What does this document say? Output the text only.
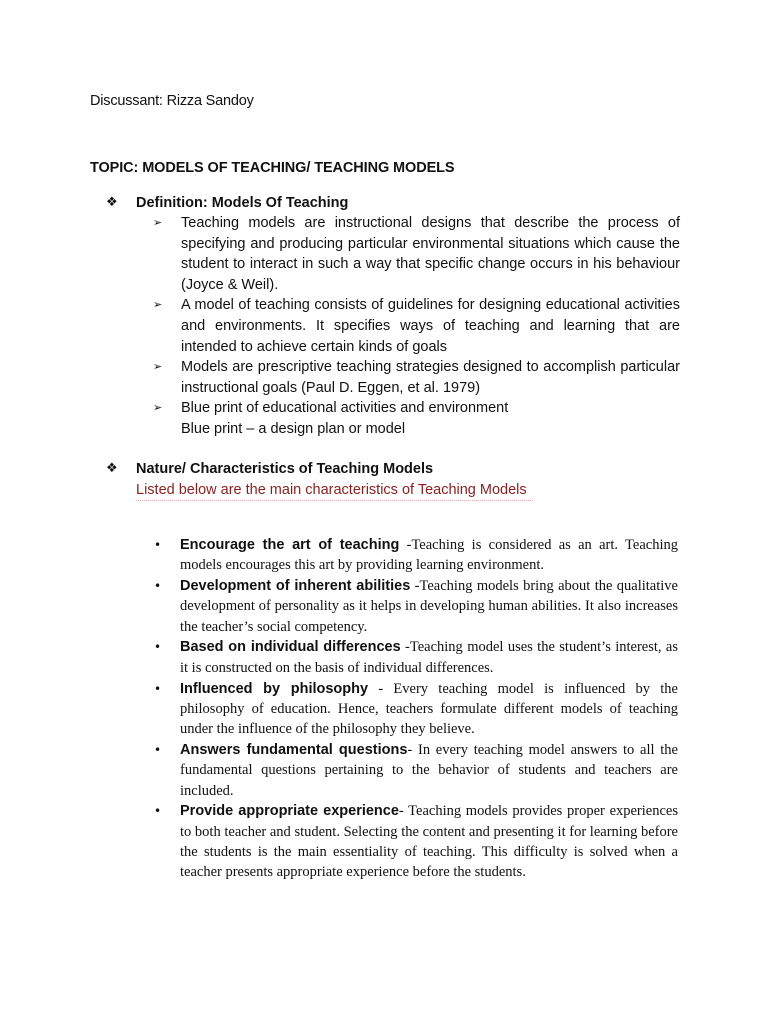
Discussant: Rizza Sandoy
TOPIC: MODELS OF TEACHING/ TEACHING MODELS
❖ Definition: Models Of Teaching
➢ Teaching models are instructional designs that describe the process of specifying and producing particular environmental situations which cause the student to interact in such a way that specific change occurs in his behaviour (Joyce & Weil).
➢ A model of teaching consists of guidelines for designing educational activities and environments. It specifies ways of teaching and learning that are intended to achieve certain kinds of goals
➢ Models are prescriptive teaching strategies designed to accomplish particular instructional goals (Paul D. Eggen, et al. 1979)
➢ Blue print of educational activities and environment
Blue print – a design plan or model
❖ Nature/ Characteristics of Teaching Models
Listed below are the main characteristics of Teaching Models
• Encourage the art of teaching -Teaching is considered as an art. Teaching models encourages this art by providing learning environment.
• Development of inherent abilities -Teaching models bring about the qualitative development of personality as it helps in developing human abilities. It also increases the teacher’s social competency.
• Based on individual differences -Teaching model uses the student’s interest, as it is constructed on the basis of individual differences.
• Influenced by philosophy - Every teaching model is influenced by the philosophy of education. Hence, teachers formulate different models of teaching under the influence of the philosophy they believe.
• Answers fundamental questions- In every teaching model answers to all the fundamental questions pertaining to the behavior of students and teachers are included.
• Provide appropriate experience- Teaching models provides proper experiences to both teacher and student. Selecting the content and presenting it for learning before the students is the main essentiality of teaching. This difficulty is solved when a teacher presents appropriate experience before the students.
